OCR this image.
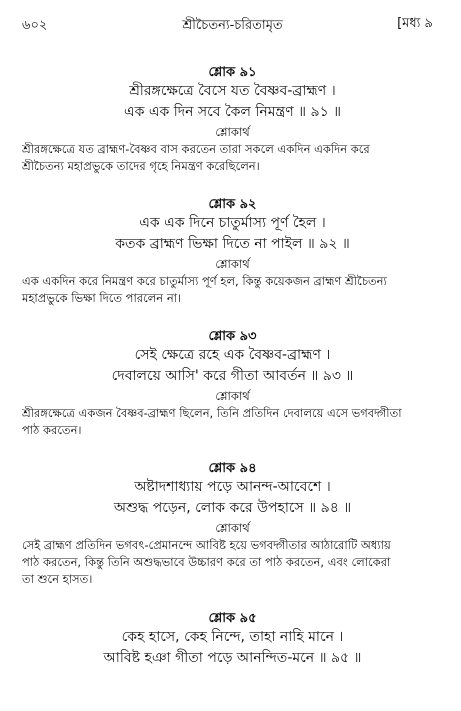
৬০২	শ্রীচৈতন্য-চরিতামৃত	[মধ্য ৯

শ্লোক ৯১

শ্রীরঙ্গক্ষেত্রে বৈসে যত বৈষ্ণব-ব্রাহ্মণ ।

এক এক দিন সবে কৈল নিমন্ত্রণ ॥ ৯১ ॥

শ্লোকার্থ

শ্রীরঙ্গক্ষেত্রে যত ব্রাহ্মণ-বৈষ্ণব বাস করতেন তারা সকলে একদিন একদিন করে

শ্রীচৈতন্য মহাপ্রভুকে তাদের গৃহে নিমন্ত্রণ করেছিলেন।

শ্লোক ৯২

এক এক দিনে চাতুর্মাস্য পূর্ণ হৈল ।

কতক ব্রাহ্মণ ভিক্ষা দিতে না পাইল ॥ ৯২ ॥

শ্লোকার্থ

এক একদিন করে নিমন্ত্রণ করে চাতুর্মাস্য পূর্ণ হল, কিন্তু কয়েকজন ব্রাহ্মণ শ্রীচৈতন্য

মহাপ্রভুকে ভিক্ষা দিতে পারলেন না।

শ্লোক ৯৩

সেই ক্ষেত্রে রহে এক বৈষ্ণব-ব্রাহ্মণ ।

দেবালয়ে আসি' করে গীতা আবর্তন ॥ ৯৩ ॥

শ্লোকার্থ

শ্রীরঙ্গক্ষেত্রে একজন বৈষ্ণব-ব্রাহ্মণ ছিলেন, তিনি প্রতিদিন দেবালয়ে এসে ভগবদ্গীতা

পাঠ করতেন।

শ্লোক ৯৪

অষ্টাদশাধ্যায় পড়ে আনন্দ-আবেশে ।

অশুদ্ধ পড়েন, লোক করে উপহাসে ॥ ৯৪ ॥

শ্লোকার্থ

সেই ব্রাহ্মণ প্রতিদিন ভগবৎ-প্রেমানন্দে আবিষ্ট হয়ে ভগবদ্গীতার আঠারোটি অধ্যায়

পাঠ করতেন, কিন্তু তিনি অশুদ্ধভাবে উচ্চারণ করে তা পাঠ করতেন, এবং লোকেরা

তা শুনে হাসত।

শ্লোক ৯৫

কেহ হাসে, কেহ নিন্দে, তাহা নাহি মানে ।

আবিষ্ট হঞা গীতা পড়ে আনন্দিত-মনে ॥ ৯৫ ॥
